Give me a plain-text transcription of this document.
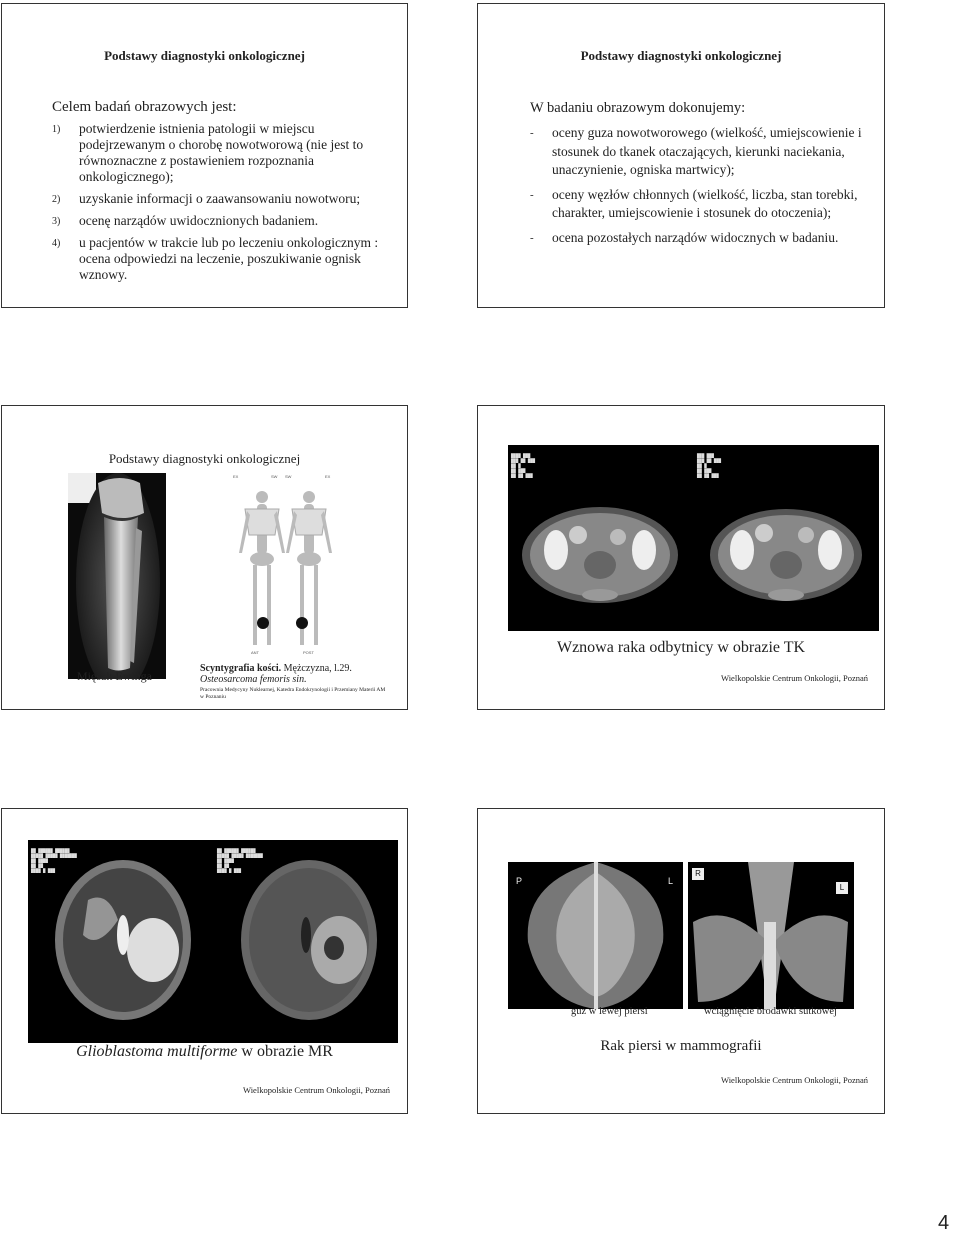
Podstawy diagnostyki onkologicznej
Celem badań obrazowych jest:
1) potwierdzenie istnienia patologii w miejscu podejrzewanym o chorobę nowotworową (nie jest to równoznaczne z postawieniem rozpoznania onkologicznego);
2) uzyskanie informacji o zaawansowaniu nowotworu;
3) ocenę narządów uwidocznionych badaniem.
4) u pacjentów w trakcie lub po leczeniu onkologicznym : ocena odpowiedzi na leczenie, poszukiwanie ognisk wznowy.
Podstawy diagnostyki onkologicznej
W badaniu obrazowym dokonujemy:
- oceny guza nowotworowego (wielkość, umiejscowienie i stosunek do tkanek otaczających, kierunki naciekania, unaczynienie, ogniska martwicy);
- oceny węzłów chłonnych (wielkość, liczba, stan torebki, charakter, umiejscowienie i stosunek do otoczenia);
- ocena pozostałych narządów widocznych w badaniu.
Podstawy diagnostyki onkologicznej
Mięsak Ewinga
EX	SW SW	EX
ANT	POST
Scyntygrafia kości. Mężczyzna, l.29.
Osteosarcoma femoris sin.
Pracownia Medycyny Nuklearnej, Katedra Endokrynologii i Przemiany Materii AM w Poznaniu

████ ███
███ ██ ███
██ █
██ ███
██ ██ ███

███ ███
███ ██ ███
██ █
██ ███
██ ██ ███
Wznowa raka odbytnicy w obrazie TK
Wielkopolskie Centrum Onkologii, Poznań

██ ██████ ██████
█████ █████ ███████
██ ████
██ ██
████ █ ███

██ ██████ ██████
█████ █████ ███████
██ ████
██ ██
████ █ ███
Glioblastoma multiforme w obrazie MR
Wielkopolskie Centrum Onkologii, Poznań
P	L
R
L
guz w lewej piersi	wciągnięcie brodawki sutkowej
Rak piersi w mammografii
Wielkopolskie Centrum Onkologii, Poznań
4
